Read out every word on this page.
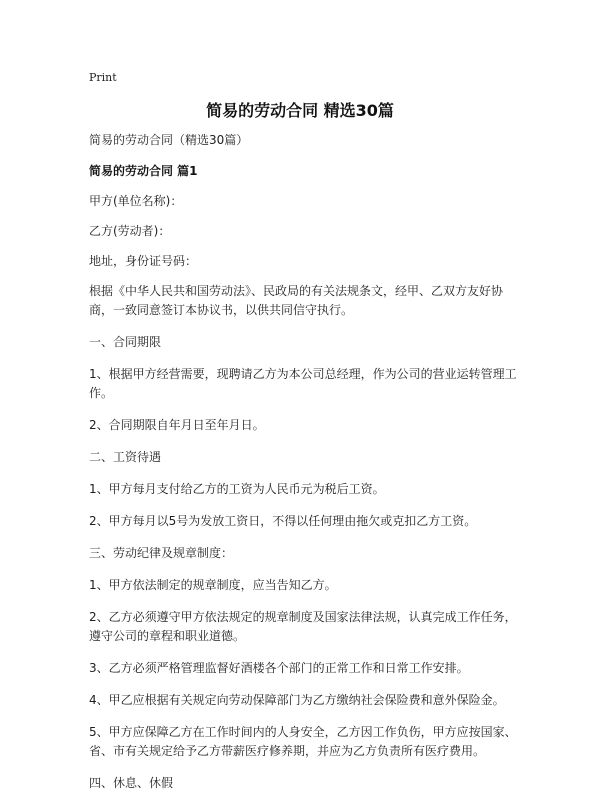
Print
简易的劳动合同 精选30篇

简易的劳动合同（精选30篇）

简易的劳动合同 篇1

甲方(单位名称)：

乙方(劳动者)：

地址，身份证号码：

根据《中华人民共和国劳动法》、民政局的有关法规条文，经甲、乙双方友好协商，一致同意签订本协议书，以供共同信守执行。

一、合同期限

1、根据甲方经营需要，现聘请乙方为本公司总经理，作为公司的营业运转管理工作。

2、合同期限自年月日至年月日。

二、工资待遇

1、甲方每月支付给乙方的工资为人民币元为税后工资。

2、甲方每月以5号为发放工资日，不得以任何理由拖欠或克扣乙方工资。

三、劳动纪律及规章制度：

1、甲方依法制定的规章制度，应当告知乙方。

2、乙方必须遵守甲方依法规定的规章制度及国家法律法规，认真完成工作任务，遵守公司的章程和职业道德。

3、乙方必须严格管理监督好酒楼各个部门的正常工作和日常工作安排。

4、甲乙应根据有关规定向劳动保障部门为乙方缴纳社会保险费和意外保险金。

5、甲方应保障乙方在工作时间内的人身安全，乙方因工作负伤，甲方应按国家、省、市有关规定给予乙方带薪医疗修养期，并应为乙方负责所有医疗费用。

四、休息、休假
